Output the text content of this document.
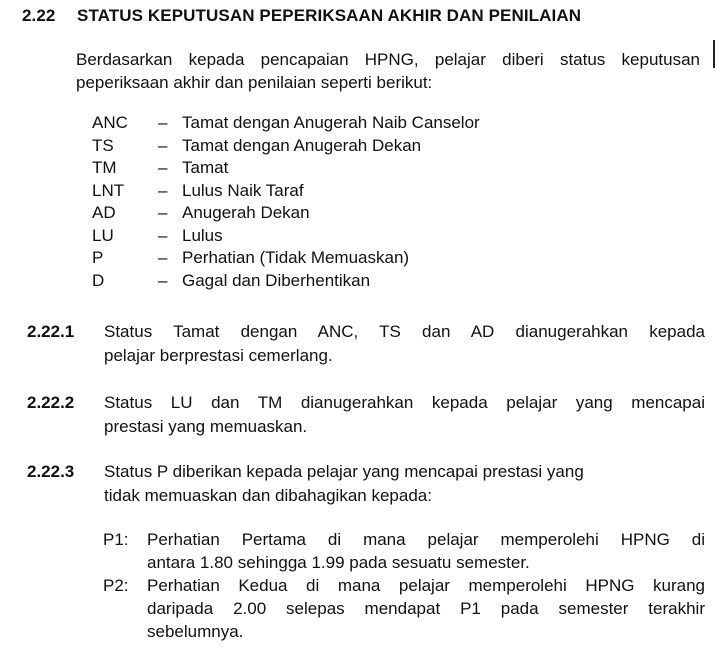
2.22 STATUS KEPUTUSAN PEPERIKSAAN AKHIR DAN PENILAIAN
Berdasarkan kepada pencapaian HPNG, pelajar diberi status keputusan
peperiksaan akhir dan penilaian seperti berikut:
ANC – Tamat dengan Anugerah Naib Canselor
TS	– Tamat dengan Anugerah Dekan
TM – Tamat
LNT – Lulus Naik Taraf
AD – Anugerah Dekan
LU	– Lulus
P	– Perhatian (Tidak Memuaskan)
D	– Gagal dan Diberhentikan
2.22.1 Status Tamat dengan ANC, TS dan AD dianugerahkan kepada
pelajar berprestasi cemerlang.
2.22.2 Status LU dan TM dianugerahkan kepada pelajar yang mencapai
prestasi yang memuaskan.
2.22.3 Status P diberikan kepada pelajar yang mencapai prestasi yang
tidak memuaskan dan dibahagikan kepada:
P1: Perhatian Pertama di mana pelajar memperolehi HPNG di
antara 1.80 sehingga 1.99 pada sesuatu semester.
P2: Perhatian Kedua di mana pelajar memperolehi HPNG kurang
daripada 2.00 selepas mendapat P1 pada semester terakhir
sebelumnya.
